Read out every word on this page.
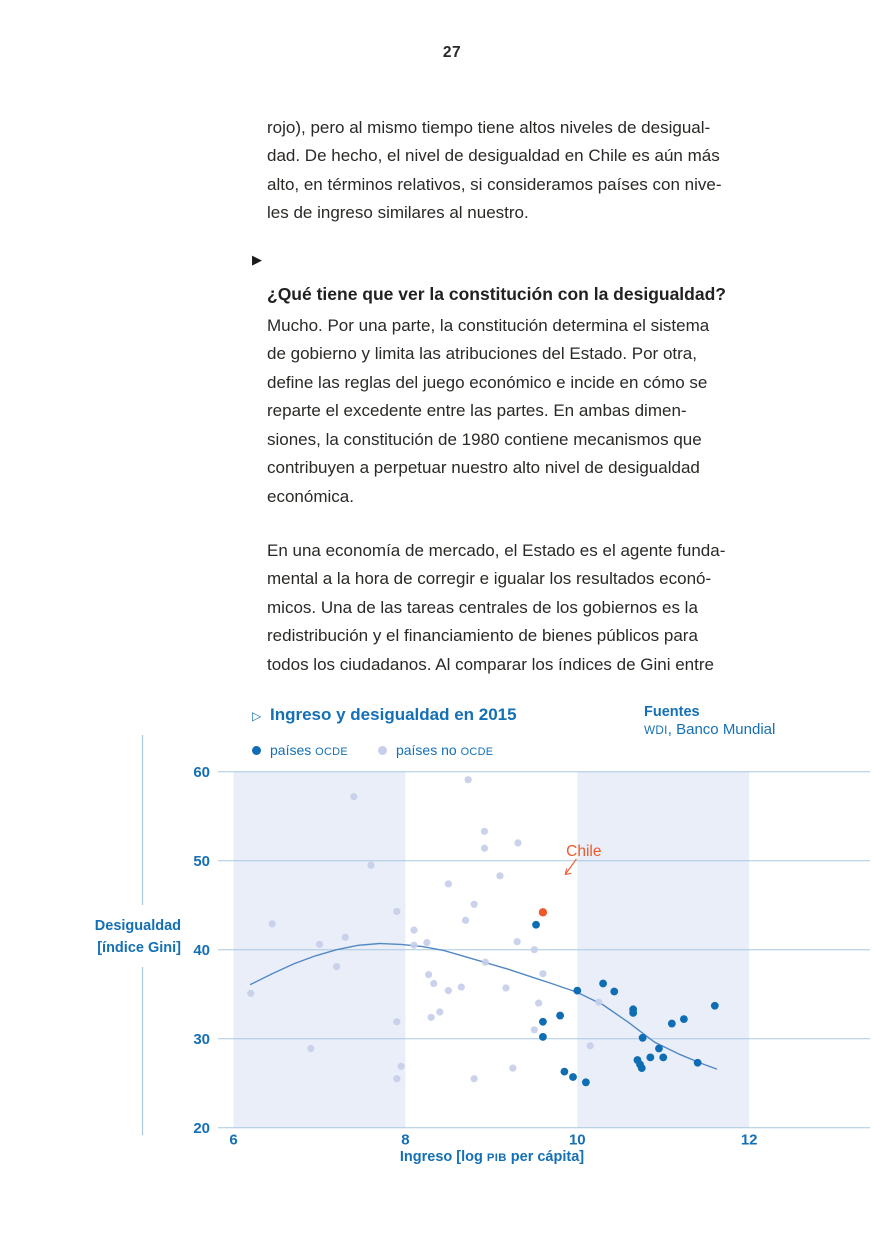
27
rojo), pero al mismo tiempo tiene altos niveles de desigual-
dad. De hecho, el nivel de desigualdad en Chile es aún más
alto, en términos relativos, si consideramos países con nive-
les de ingreso similares al nuestro.
▶
¿Qué tiene que ver la constitución con la desigualdad?
Mucho. Por una parte, la constitución determina el sistema
de gobierno y limita las atribuciones del Estado. Por otra,
define las reglas del juego económico e incide en cómo se
reparte el excedente entre las partes. En ambas dimen-
siones, la constitución de 1980 contiene mecanismos que
contribuyen a perpetuar nuestro alto nivel de desigualdad
económica.
En una economía de mercado, el Estado es el agente funda-
mental a la hora de corregir e igualar los resultados econó-
micos. Una de las tareas centrales de los gobiernos es la
redistribución y el financiamiento de bienes públicos para
todos los ciudadanos. Al comparar los índices de Gini entre
▷ Ingreso y desigualdad en 2015
países OCDE	países no OCDE
Fuentes
WDI, Banco Mundial
Desigualdad
[índice Gini]
20
30
40
50
60
6	8	10	12
Chile
Ingreso [log PIB per cápita]
